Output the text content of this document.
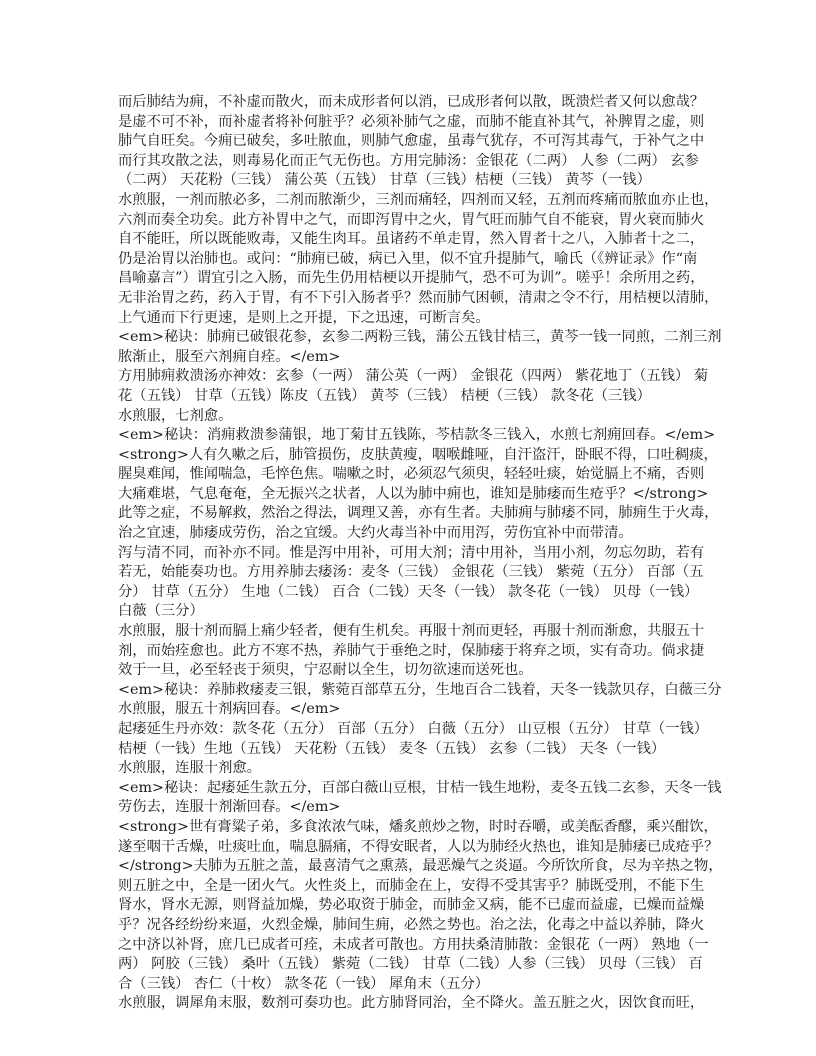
而后肺结为痈，不补虚而散火，而未成形者何以消，已成形者何以散，既溃烂者又何以愈哉？
是虚不可不补，而补虚者将补何脏乎？必须补肺气之虚，而肺不能直补其气，补脾胃之虚，则
肺气自旺矣。今痈已破矣，多吐脓血，则肺气愈虚，虽毒气犹存，不可泻其毒气，于补气之中
而行其攻散之法，则毒易化而正气无伤也。方用完肺汤：金银花（二两） 人参（二两） 玄参
（二两） 天花粉（三钱） 蒲公英（五钱） 甘草（三钱）桔梗（三钱） 黄芩（一钱）
水煎服，一剂而脓必多，二剂而脓渐少，三剂而痛轻，四剂而又轻，五剂而疼痛而脓血亦止也，
六剂而奏全功矣。此方补胃中之气，而即泻胃中之火，胃气旺而肺气自不能衰，胃火衰而肺火
自不能旺，所以既能败毒，又能生肉耳。虽诸药不单走胃，然入胃者十之八，入肺者十之二，
仍是治胃以治肺也。或问：“肺痈已破，病已入里，似不宜升提肺气，喻氏（《辨证录》作“南
昌喻嘉言”）谓宜引之入肠，而先生仍用桔梗以开提肺气，恐不可为训”。嗟乎！余所用之药，
无非治胃之药，药入于胃，有不下引入肠者乎？然而肺气困顿，清肃之令不行，用桔梗以清肺，
上气通而下行更速，是则上之开提，下之迅速，可断言矣。
<em>秘诀：肺痈已破银花参，玄参二两粉三钱，蒲公五钱甘桔三，黄芩一钱一同煎，二剂三剂
脓渐止，服至六剂痈自痊。</em>
方用肺痈救溃汤亦神效：玄参（一两） 蒲公英（一两） 金银花（四两） 紫花地丁（五钱） 菊
花（五钱） 甘草（五钱）陈皮（五钱） 黄芩（三钱） 桔梗（三钱） 款冬花（三钱）
水煎服，七剂愈。
<em>秘诀：消痈救溃参蒲银，地丁菊甘五钱陈，芩桔款冬三钱入，水煎七剂痈回春。</em>
<strong>人有久嗽之后，肺管损伤，皮肤黄瘦，咽喉雌哑，自汗盗汗，卧眠不得，口吐稠痰，
腥臭难闻，惟闻喘急，毛悴色焦。喘嗽之时，必须忍气须臾，轻轻吐痰，始觉膈上不痛，否则
大痛难堪，气息奄奄，全无振兴之状者，人以为肺中痈也，谁知是肺痿而生疮乎？</strong>
此等之症，不易解救，然治之得法，调理又善，亦有生者。夫肺痈与肺痿不同，肺痈生于火毒，
治之宜速，肺痿成劳伤，治之宜缓。大约火毒当补中而用泻，劳伤宜补中而带清。
泻与清不同，而补亦不同。惟是泻中用补，可用大剂；清中用补，当用小剂，勿忘勿助，若有
若无，始能奏功也。方用养肺去痿汤：麦冬（三钱） 金银花（三钱） 紫菀（五分） 百部（五
分） 甘草（五分） 生地（二钱） 百合（二钱）天冬（一钱） 款冬花（一钱） 贝母（一钱）
白薇（三分）
水煎服，服十剂而膈上痛少轻者，便有生机矣。再服十剂而更轻，再服十剂而渐愈，共服五十
剂，而始痊愈也。此方不寒不热，养肺气于垂绝之时，保肺痿于将弃之顷，实有奇功。倘求捷
效于一旦，必至轻丧于须臾，宁忍耐以全生，切勿欲速而送死也。
<em>秘诀：养肺救痿麦三银，紫菀百部草五分，生地百合二钱着，天冬一钱款贝存，白薇三分
水煎服，服五十剂病回春。</em>
起痿延生丹亦效：款冬花（五分） 百部（五分） 白薇（五分） 山豆根（五分） 甘草（一钱）
桔梗（一钱）生地（五钱） 天花粉（五钱） 麦冬（五钱） 玄参（二钱） 天冬（一钱）
水煎服，连服十剂愈。
<em>秘诀：起痿延生款五分，百部白薇山豆根，甘桔一钱生地粉，麦冬五钱二玄参，天冬一钱
劳伤去，连服十剂渐回春。</em>
<strong>世有膏粱子弟，多食浓浓气味，燔炙煎炒之物，时时吞嚼，或美酝香醪，乘兴酣饮，
遂至咽干舌燥，吐痰吐血，喘息膈痛，不得安眠者，人以为肺经火热也，谁知是肺痿已成疮乎？
</strong>夫肺为五脏之盖，最喜清气之熏蒸，最恶燥气之炎逼。今所饮所食，尽为辛热之物，
则五脏之中，全是一团火气。火性炎上，而肺金在上，安得不受其害乎？肺既受刑，不能下生
肾水，肾水无源，则肾益加燥，势必取资于肺金，而肺金又病，能不已虚而益虚，已燥而益燥
乎？况各经纷纷来逼，火烈金燥，肺间生痈，必然之势也。治之法，化毒之中益以养肺，降火
之中济以补肾，庶几已成者可痊，未成者可散也。方用扶桑清肺散：金银花（一两） 熟地（一
两） 阿胶（三钱） 桑叶（五钱） 紫菀（二钱） 甘草（二钱）人参（三钱） 贝母（三钱） 百
合（三钱） 杏仁（十枚） 款冬花（一钱） 犀角末（五分）
水煎服，调犀角末服，数剂可奏功也。此方肺肾同治，全不降火。盖五脏之火，因饮食而旺，
